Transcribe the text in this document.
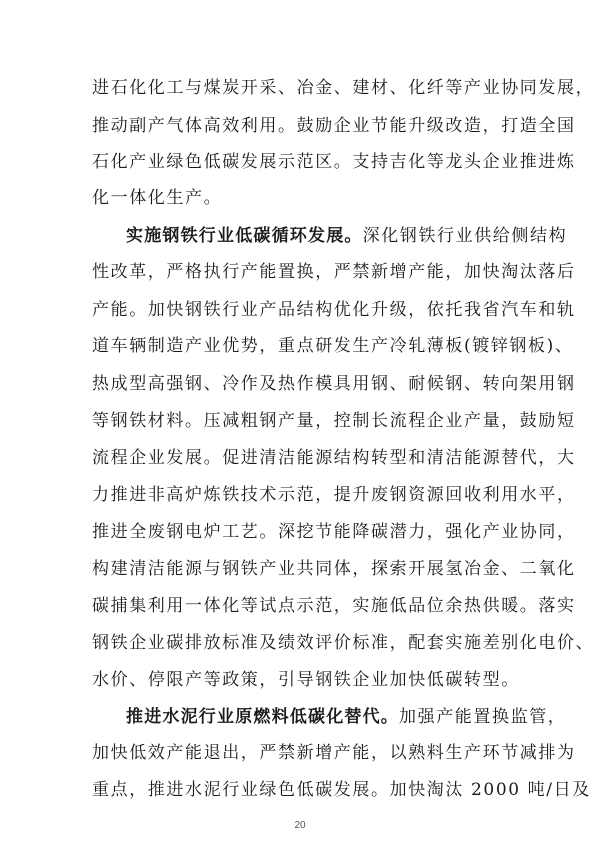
进石化化工与煤炭开采、冶金、建材、化纤等产业协同发展，
推动副产气体高效利用。鼓励企业节能升级改造，打造全国
石化产业绿色低碳发展示范区。支持吉化等龙头企业推进炼
化一体化生产。
实施钢铁行业低碳循环发展。深化钢铁行业供给侧结构
性改革，严格执行产能置换，严禁新增产能，加快淘汰落后
产能。加快钢铁行业产品结构优化升级，依托我省汽车和轨
道车辆制造产业优势，重点研发生产冷轧薄板(镀锌钢板)、
热成型高强钢、冷作及热作模具用钢、耐候钢、转向架用钢
等钢铁材料。压减粗钢产量，控制长流程企业产量，鼓励短
流程企业发展。促进清洁能源结构转型和清洁能源替代，大
力推进非高炉炼铁技术示范，提升废钢资源回收利用水平，
推进全废钢电炉工艺。深挖节能降碳潜力，强化产业协同，
构建清洁能源与钢铁产业共同体，探索开展氢冶金、二氧化
碳捕集利用一体化等试点示范，实施低品位余热供暖。落实
钢铁企业碳排放标准及绩效评价标准，配套实施差别化电价、
水价、停限产等政策，引导钢铁企业加快低碳转型。
推进水泥行业原燃料低碳化替代。加强产能置换监管，
加快低效产能退出，严禁新增产能，以熟料生产环节减排为
重点，推进水泥行业绿色低碳发展。加快淘汰 2000 吨/日及
20
